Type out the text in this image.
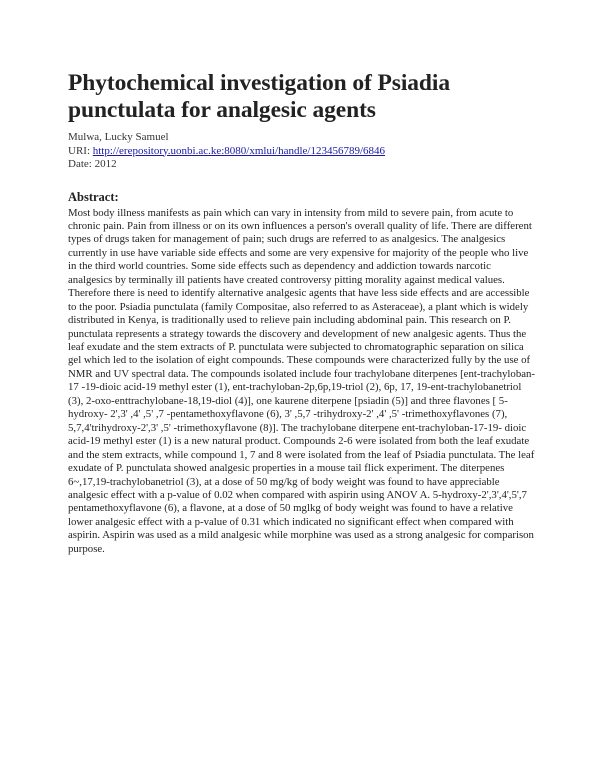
Phytochemical investigation of Psiadia punctulata for analgesic agents
Mulwa, Lucky Samuel
URI: http://erepository.uonbi.ac.ke:8080/xmlui/handle/123456789/6846
Date: 2012
Abstract:

Most body illness manifests as pain which can vary in intensity from mild to severe pain, from acute to chronic pain. Pain from illness or on its own influences a person's overall quality of life. There are different types of drugs taken for management of pain; such drugs are referred to as analgesics. The analgesics currently in use have variable side effects and some are very expensive for majority of the people who live in the third world countries. Some side effects such as dependency and addiction towards narcotic analgesics by terminally ill patients have created controversy pitting morality against medical values. Therefore there is need to identify alternative analgesic agents that have less side effects and are accessible to the poor. Psiadia punctulata (family Compositae, also referred to as Asteraceae), a plant which is widely distributed in Kenya, is traditionally used to relieve pain including abdominal pain. This research on P. punctulata represents a strategy towards the discovery and development of new analgesic agents. Thus the leaf exudate and the stem extracts of P. punctulata were subjected to chromatographic separation on silica gel which led to the isolation of eight compounds. These compounds were characterized fully by the use of NMR and UV spectral data. The compounds isolated include four trachylobane diterpenes [ent-trachyloban-17 -19-dioic acid-19 methyl ester (1), ent-trachyloban-2p,6p,19-triol (2), 6p, 17, 19-ent-trachylobanetriol (3), 2-oxo-enttrachylobane-18,19-diol (4)], one kaurene diterpene [psiadin (5)] and three flavones [ 5-hydroxy- 2',3' ,4' ,5' ,7 -pentamethoxyflavone (6), 3' ,5,7 -trihydroxy-2' ,4' ,5' -trimethoxyflavones (7), 5,7,4'trihydroxy-2',3' ,5' -trimethoxyflavone (8)]. The trachylobane diterpene ent-trachyloban-17-19- dioic acid-19 methyl ester (1) is a new natural product. Compounds 2-6 were isolated from both the leaf exudate and the stem extracts, while compound 1, 7 and 8 were isolated from the leaf of Psiadia punctulata. The leaf exudate of P. punctulata showed analgesic properties in a mouse tail flick experiment. The diterpenes 6~,17,19-trachylobanetriol (3), at a dose of 50 mg/kg of body weight was found to have appreciable analgesic effect with a p-value of 0.02 when compared with aspirin using ANOV A. 5-hydroxy-2',3',4',5',7 pentamethoxyflavone (6), a flavone, at a dose of 50 mglkg of body weight was found to have a relative lower analgesic effect with a p-value of 0.31 which indicated no significant effect when compared with aspirin. Aspirin was used as a mild analgesic while morphine was used as a strong analgesic for comparison purpose.
